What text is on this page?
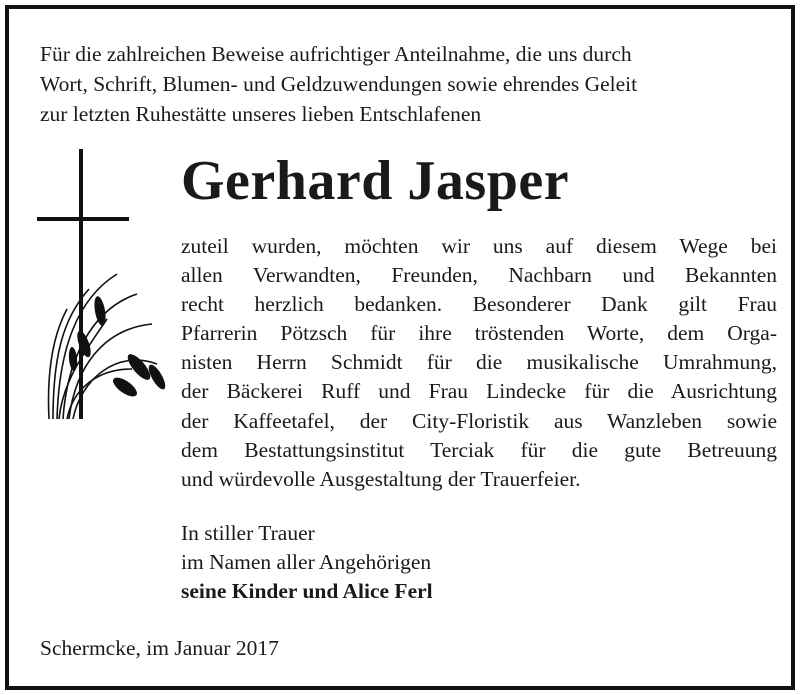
Für die zahlreichen Beweise aufrichtiger Anteilnahme, die uns durch
Wort, Schrift, Blumen- und Geldzuwendungen sowie ehrendes Geleit
zur letzten Ruhestätte unseres lieben Entschlafenen
Gerhard Jasper
zuteil wurden, möchten wir uns auf diesem Wege bei
allen Verwandten, Freunden, Nachbarn und Bekannten
recht herzlich bedanken. Besonderer Dank gilt Frau
Pfarrerin Pötzsch für ihre tröstenden Worte, dem Orga-
nisten Herrn Schmidt für die musikalische Umrahmung,
der Bäckerei Ruff und Frau Lindecke für die Ausrichtung
der Kaffeetafel, der City-Floristik aus Wanzleben sowie
dem Bestattungsinstitut Terciak für die gute Betreuung
und würdevolle Ausgestaltung der Trauerfeier.
In stiller Trauer
im Namen aller Angehörigen
seine Kinder und Alice Ferl
Schermcke, im Januar 2017
